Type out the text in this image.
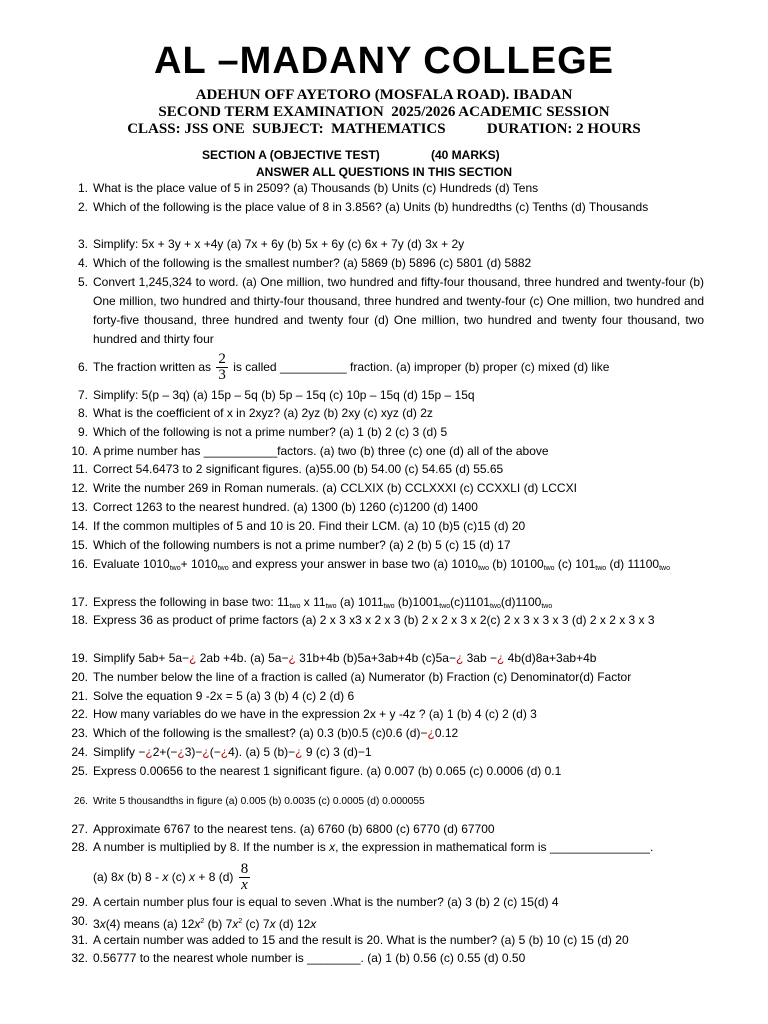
AL –MADANY COLLEGE
ADEHUN OFF AYETORO (MOSFALA ROAD). IBADAN
SECOND TERM EXAMINATION  2025/2026 ACADEMIC SESSION
CLASS: JSS ONE  SUBJECT:  MATHEMATICS           DURATION: 2 HOURS
SECTION A (OBJECTIVE TEST)	(40 MARKS)
ANSWER ALL QUESTIONS IN THIS SECTION
1. What is the place value of 5 in 2509? (a) Thousands (b) Units (c) Hundreds (d) Tens
2. Which of the following is the place value of 8 in 3.856? (a) Units (b) hundredths (c) Tenths (d) Thousands
3. Simplify: 5x + 3y + x +4y (a) 7x + 6y (b) 5x + 6y (c) 6x + 7y (d) 3x + 2y
4. Which of the following is the smallest number? (a) 5869 (b) 5896 (c) 5801 (d) 5882
5. Convert 1,245,324 to word. (a) One million, two hundred and fifty-four thousand, three hundred and twenty-four (b) One million, two hundred and thirty-four thousand, three hundred and twenty-four (c) One million, two hundred and forty-five thousand, three hundred and twenty four (d) One million, two hundred and twenty four thousand, two hundred and thirty four
6. The fraction written as $\frac{2}{3}$ is called __________ fraction. (a) improper (b) proper (c) mixed (d) like
7. Simplify: 5(p – 3q) (a) 15p – 5q (b) 5p – 15q (c) 10p – 15q (d) 15p – 15q
8. What is the coefficient of x in 2xyz? (a) 2yz (b) 2xy (c) xyz (d) 2z
9. Which of the following is not a prime number? (a) 1 (b) 2 (c) 3 (d) 5
10. A prime number has ___________factors. (a) two (b) three (c) one (d) all of the above
11. Correct 54.6473 to 2 significant figures. (a)55.00 (b) 54.00 (c) 54.65 (d) 55.65
12. Write the number 269 in Roman numerals. (a) CCLXIX (b) CCLXXXI (c) CCXXLI (d) LCCXI
13. Correct 1263 to the nearest hundred. (a) 1300 (b) 1260 (c)1200 (d) 1400
14. If the common multiples of 5 and 10 is 20. Find their LCM. (a) 10 (b)5 (c)15 (d) 20
15. Which of the following numbers is not a prime number? (a) 2 (b) 5 (c) 15 (d) 17
16. Evaluate $1010_{two}+ 1010_{two}$ and express your answer in base two (a) $1010_{two}$ (b) $10100_{two}$ (c) $101_{two}$ (d) $11100_{two}$
17. Express the following in base two: $11_{two}$ x $11_{two}$ (a) $1011_{two}$ $(b)1001_{two}(c)1101_{two}(d)1100_{two}$
18. Express 36 as product of prime factors (a) 2 x 3 x3 x 2 x 3 (b) 2 x 2 x 3 x 2(c) 2 x 3 x 3 x 3 (d) 2 x 2 x 3 x 3
19. Simplify 5ab+ 5a−¿ 2ab +4b. (a) 5a−¿ 31b+4b (b)5a+3ab+4b (c)5a−¿ 3ab −¿ 4b(d)8a+3ab+4b
20. The number below the line of a fraction is called (a) Numerator (b) Fraction (c) Denominator(d) Factor
21. Solve the equation 9 -2x = 5 (a) 3 (b) 4 (c) 2 (d) 6
22. How many variables do we have in the expression 2x + y -4z ? (a) 1 (b) 4 (c) 2 (d) 3
23. Which of the following is the smallest? (a) 0.3 (b)0.5 (c)0.6 (d)−¿0.12
24. Simplify −¿2+(−¿3)−¿(−¿4). (a) 5 (b)−¿ 9 (c) 3 (d)−1
25. Express 0.00656 to the nearest 1 significant figure. (a) 0.007 (b) 0.065 (c) 0.0006 (d) 0.1
26. Write 5 thousandths in figure (a) 0.005 (b) 0.0035 (c) 0.0005 (d) 0.000055
27. Approximate 6767 to the nearest tens. (a) 6760 (b) 6800 (c) 6770 (d) 67700
28. A number is multiplied by 8. If the number is x, the expression in mathematical form is _______________.
(a) 8x (b) 8 - x (c) x + 8 $(d) \frac{8}{x}$
29. A certain number plus four is equal to seven .What is the number? (a) 3 (b) 2 (c) 15(d) 4
30. 3x(4) means (a) $12x^2$ (b) $7x^2$ (c) 7x (d) 12x
31. A certain number was added to 15 and the result is 20. What is the number? (a) 5 (b) 10 (c) 15 (d) 20
32. 0.56777 to the nearest whole number is ________. (a) 1 (b) 0.56 (c) 0.55 (d) 0.50
